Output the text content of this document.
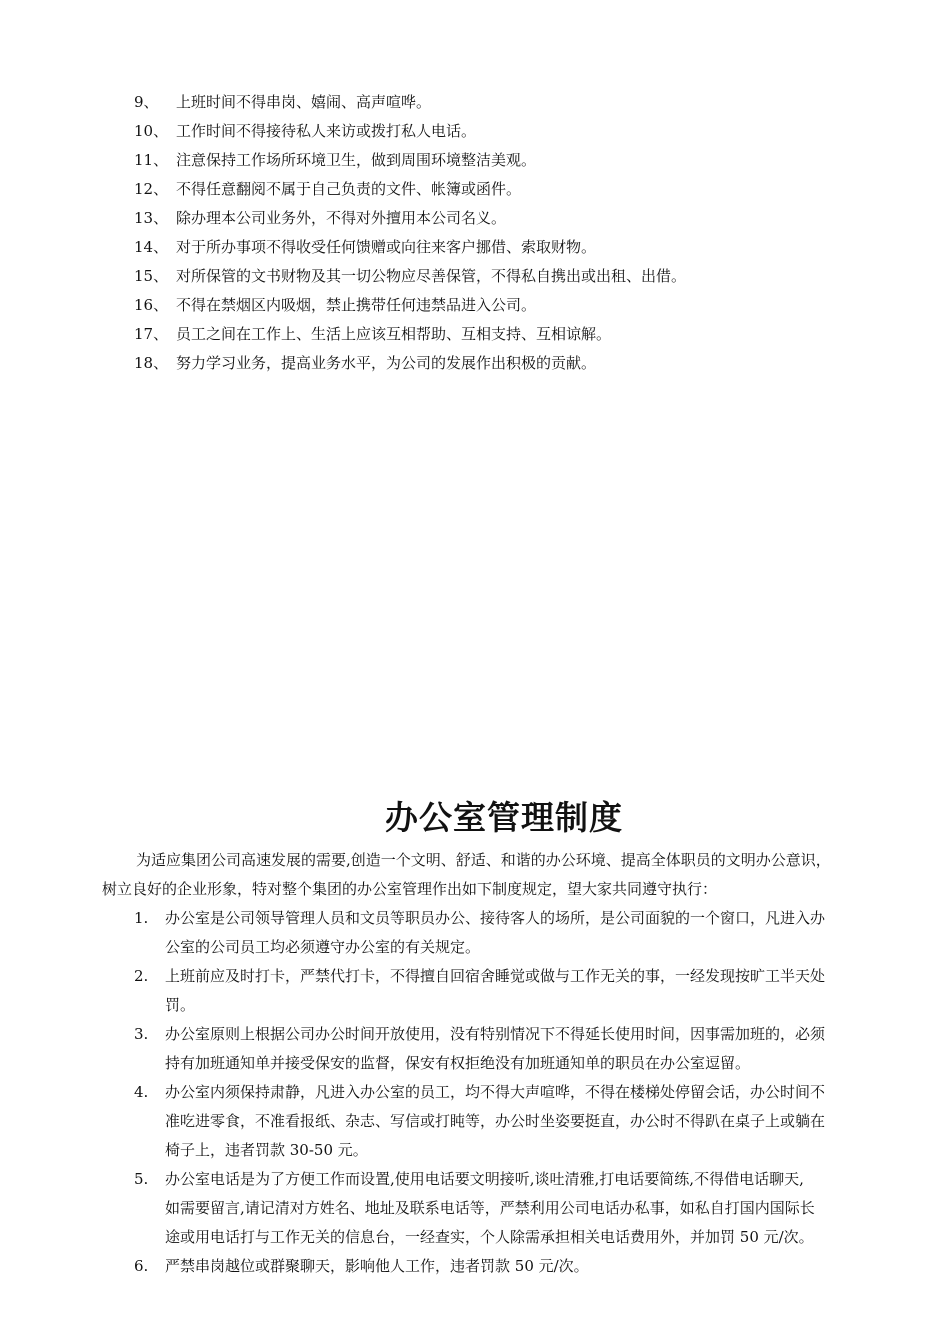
9、	上班时间不得串岗、嬉闹、高声喧哗。
10、 工作时间不得接待私人来访或拨打私人电话。
11、 注意保持工作场所环境卫生，做到周围环境整洁美观。
12、 不得任意翻阅不属于自己负责的文件、帐簿或函件。
13、 除办理本公司业务外，不得对外擅用本公司名义。
14、 对于所办事项不得收受任何馈赠或向往来客户挪借、索取财物。
15、 对所保管的文书财物及其一切公物应尽善保管，不得私自携出或出租、出借。
16、 不得在禁烟区内吸烟，禁止携带任何违禁品进入公司。
17、 员工之间在工作上、生活上应该互相帮助、互相支持、互相谅解。
18、 努力学习业务，提高业务水平，为公司的发展作出积极的贡献。
办公室管理制度
为适应集团公司高速发展的需要,创造一个文明、舒适、和谐的办公环境、提高全体职员的文明办公意识，
树立良好的企业形象，特对整个集团的办公室管理作出如下制度规定，望大家共同遵守执行：
1.	办公室是公司领导管理人员和文员等职员办公、接待客人的场所，是公司面貌的一个窗口，凡进入办
公室的公司员工均必须遵守办公室的有关规定。
2.	上班前应及时打卡，严禁代打卡，不得擅自回宿舍睡觉或做与工作无关的事，一经发现按旷工半天处
罚。
3.	办公室原则上根据公司办公时间开放使用，没有特别情况下不得延长使用时间，因事需加班的，必须
持有加班通知单并接受保安的监督，保安有权拒绝没有加班通知单的职员在办公室逗留。
4.	办公室内须保持肃静，凡进入办公室的员工，均不得大声喧哗，不得在楼梯处停留会话，办公时间不
准吃进零食，不准看报纸、杂志、写信或打盹等，办公时坐姿要挺直，办公时不得趴在桌子上或躺在
椅子上，违者罚款 30-50 元。
5.	办公室电话是为了方便工作而设置,使用电话要文明接听,谈吐清雅,打电话要简练,不得借电话聊天,
如需要留言,请记清对方姓名、地址及联系电话等，严禁利用公司电话办私事，如私自打国内国际长
途或用电话打与工作无关的信息台，一经查实，个人除需承担相关电话费用外，并加罚 50 元/次。
6.	严禁串岗越位或群聚聊天，影响他人工作，违者罚款 50 元/次。
